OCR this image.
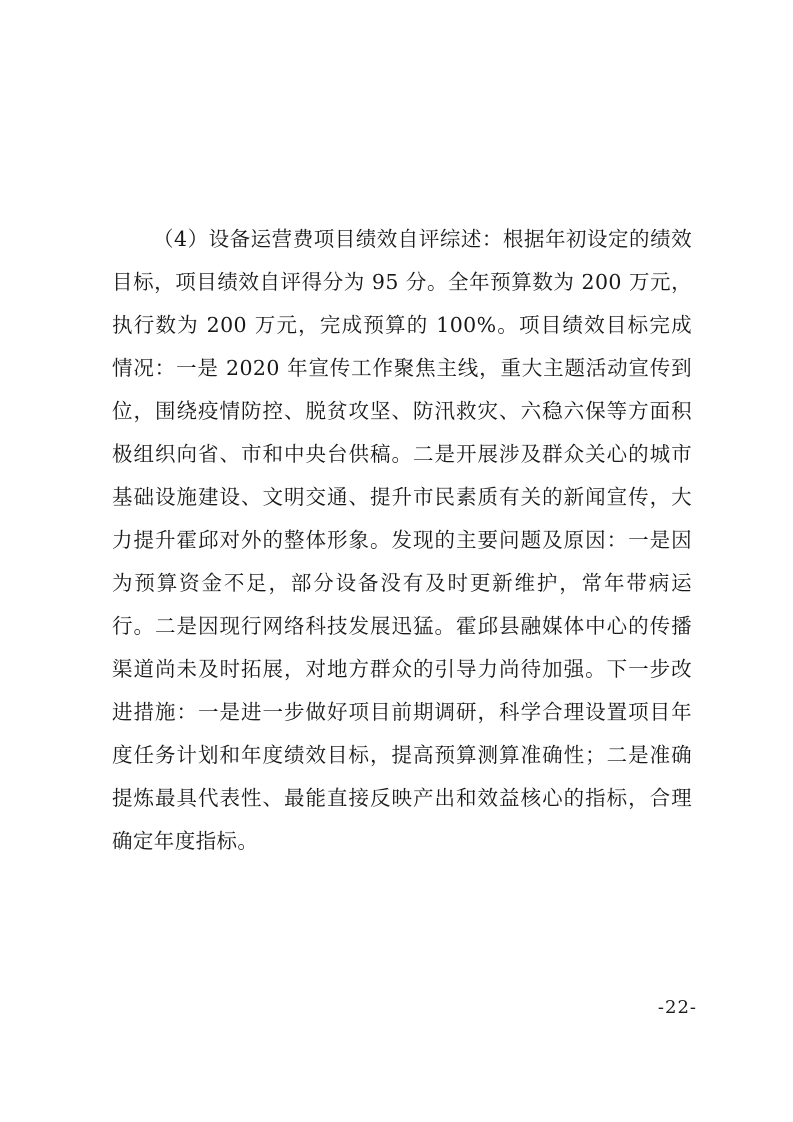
（4）设备运营费项目绩效自评综述：根据年初设定的绩效目标，项目绩效自评得分为 95 分。全年预算数为 200 万元，执行数为 200 万元，完成预算的 100%。项目绩效目标完成情况：一是 2020 年宣传工作聚焦主线，重大主题活动宣传到位，围绕疫情防控、脱贫攻坚、防汛救灾、六稳六保等方面积极组织向省、市和中央台供稿。二是开展涉及群众关心的城市基础设施建设、文明交通、提升市民素质有关的新闻宣传，大力提升霍邱对外的整体形象。发现的主要问题及原因：一是因为预算资金不足，部分设备没有及时更新维护，常年带病运行。二是因现行网络科技发展迅猛。霍邱县融媒体中心的传播渠道尚未及时拓展，对地方群众的引导力尚待加强。下一步改进措施：一是进一步做好项目前期调研，科学合理设置项目年度任务计划和年度绩效目标，提高预算测算准确性；二是准确提炼最具代表性、最能直接反映产出和效益核心的指标，合理确定年度指标。

-22-
